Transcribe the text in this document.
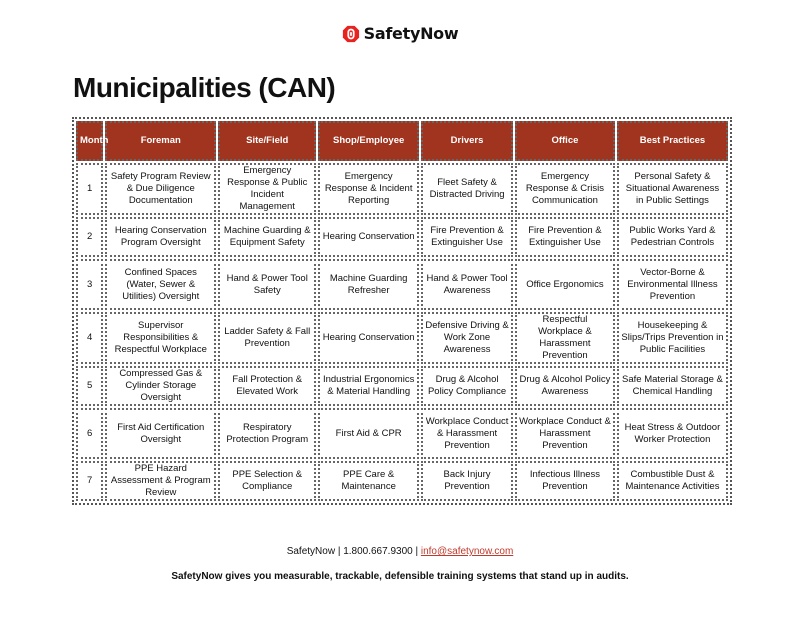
SafetyNow
Municipalities (CAN)
Month	Foreman	Site/Field	Shop/Employee	Drivers	Office	Best Practices
1	Safety Program Review & Due Diligence Documentation	Emergency Response & Public Incident Management	Emergency Response & Incident Reporting	Fleet Safety & Distracted Driving	Emergency Response & Crisis Communication	Personal Safety & Situational Awareness in Public Settings
2	Hearing Conservation Program Oversight	Machine Guarding & Equipment Safety	Hearing Conservation	Fire Prevention & Extinguisher Use	Fire Prevention & Extinguisher Use	Public Works Yard & Pedestrian Controls
3	Confined Spaces (Water, Sewer & Utilities) Oversight	Hand & Power Tool Safety	Machine Guarding Refresher	Hand & Power Tool Awareness	Office Ergonomics	Vector-Borne & Environmental Illness Prevention
4	Supervisor Responsibilities & Respectful Workplace	Ladder Safety & Fall Prevention	Hearing Conservation	Defensive Driving & Work Zone Awareness	Respectful Workplace & Harassment Prevention	Housekeeping & Slips/Trips Prevention in Public Facilities
5	Compressed Gas & Cylinder Storage Oversight	Fall Protection & Elevated Work	Industrial Ergonomics & Material Handling	Drug & Alcohol Policy Compliance	Drug & Alcohol Policy Awareness	Safe Material Storage & Chemical Handling
6	First Aid Certification Oversight	Respiratory Protection Program	First Aid & CPR	Workplace Conduct & Harassment Prevention	Workplace Conduct & Harassment Prevention	Heat Stress & Outdoor Worker Protection
7	PPE Hazard Assessment & Program Review	PPE Selection & Compliance	PPE Care & Maintenance	Back Injury Prevention	Infectious Illness Prevention	Combustible Dust & Maintenance Activities
SafetyNow | 1.800.667.9300 | info@safetynow.com
SafetyNow gives you measurable, trackable, defensible training systems that stand up in audits.
